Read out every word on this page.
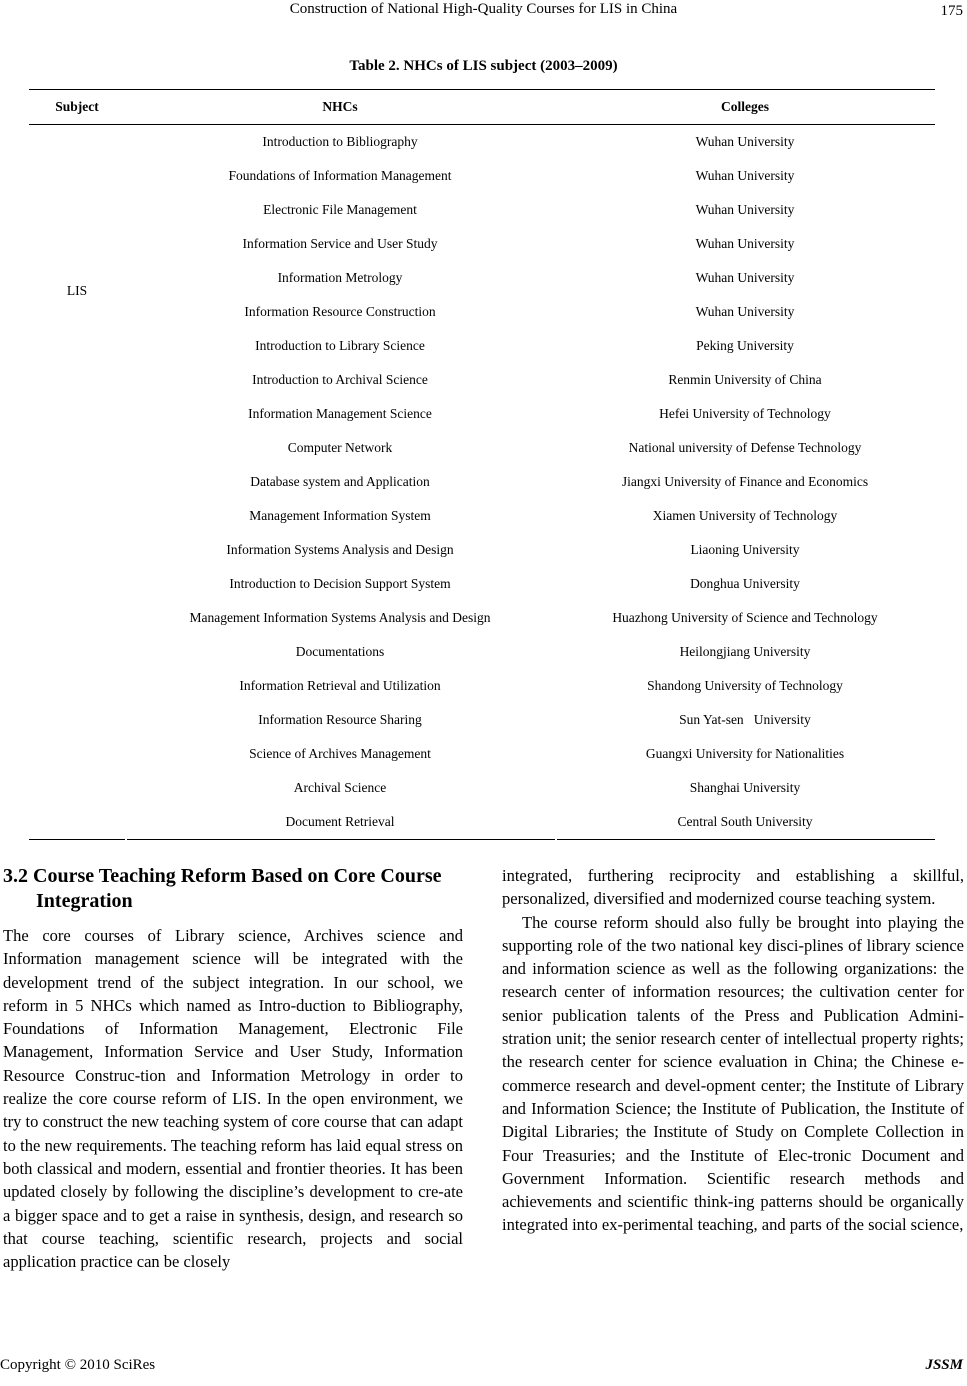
Construction of National High-Quality Courses for LIS in China	175
Table 2. NHCs of LIS subject (2003–2009)
Subject	NHCs	Colleges
LIS	Introduction to Bibliography	Wuhan University
	Foundations of Information Management	Wuhan University
	Electronic File Management	Wuhan University
	Information Service and User Study	Wuhan University
	Information Metrology	Wuhan University
	Information Resource Construction	Wuhan University
	Introduction to Library Science	Peking University
	Introduction to Archival Science	Renmin University of China
	Information Management Science	Hefei University of Technology
	Computer Network	National university of Defense Technology
	Database system and Application	Jiangxi University of Finance and Economics
	Management Information System	Xiamen University of Technology
	Information Systems Analysis and Design	Liaoning University
	Introduction to Decision Support System	Donghua University
	Management Information Systems Analysis and Design	Huazhong University of Science and Technology
	Documentations	Heilongjiang University
	Information Retrieval and Utilization	Shandong University of Technology
	Information Resource Sharing	Sun Yat-sen   University
	Science of Archives Management	Guangxi University for Nationalities
	Archival Science	Shanghai University
	Document Retrieval	Central South University
3.2 Course Teaching Reform Based on Core Course Integration

The core courses of Library science, Archives science and Information management science will be integrated with the development trend of the subject integration. In our school, we reform in 5 NHCs which named as Intro-duction to Bibliography, Foundations of Information Management, Electronic File Management, Information Service and User Study, Information Resource Construc-tion and Information Metrology in order to realize the core course reform of LIS. In the open environment, we try to construct the new teaching system of core course that can adapt to the new requirements. The teaching reform has laid equal stress on both classical and modern, essential and frontier theories. It has been updated closely by following the discipline’s development to cre-ate a bigger space and to get a raise in synthesis, design, and research so that course teaching, scientific research, projects and social application practice can be closely

integrated, furthering reciprocity and establishing a skillful, personalized, diversified and modernized course teaching system.

The course reform should also fully be brought into playing the supporting role of the two national key disci-plines of library science and information science as well as the following organizations: the research center of information resources; the cultivation center for senior publication talents of the Press and Publication Admini-stration unit; the senior research center of intellectual property rights; the research center for science evaluation in China; the Chinese e-commerce research and devel-opment center; the Institute of Library and Information Science; the Institute of Publication, the Institute of Digital Libraries; the Institute of Study on Complete Collection in Four Treasuries; and the Institute of Elec-tronic Document and Government Information. Scientific research methods and achievements and scientific think-ing patterns should be organically integrated into ex-perimental teaching, and parts of the social science,

Copyright © 2010 SciRes	JSSM
